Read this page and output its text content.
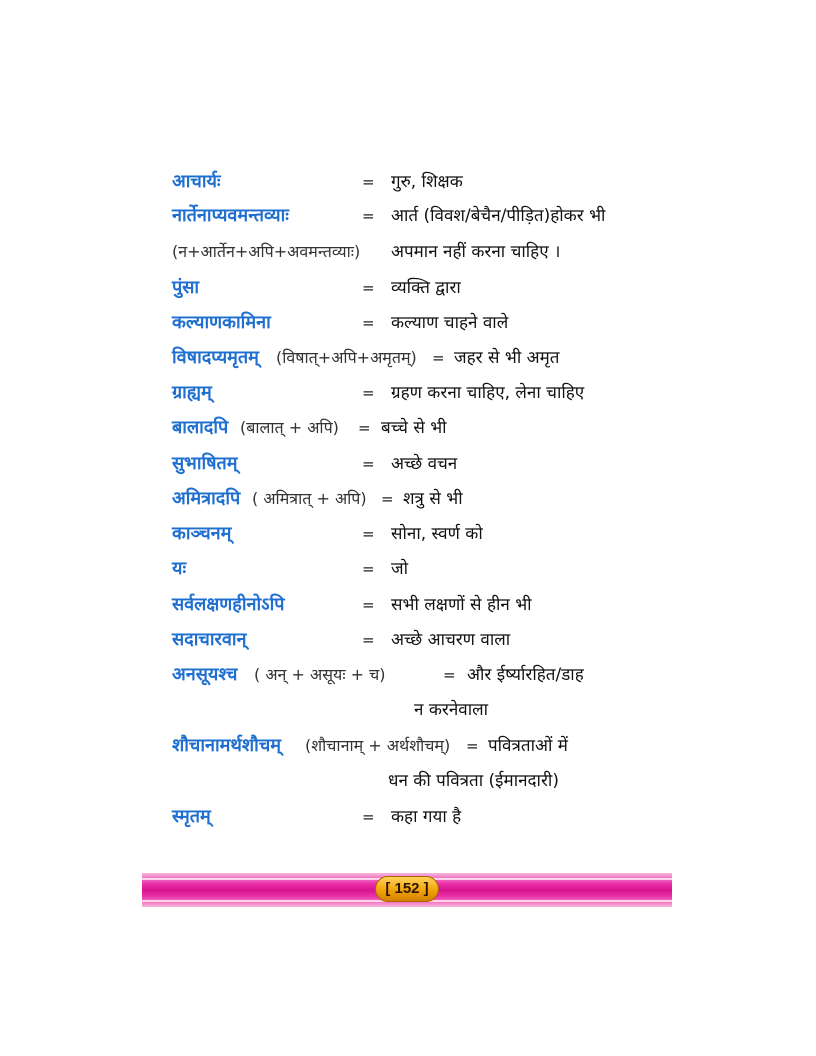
आचार्यः	= गुरु, शिक्षक
नार्तेनाप्यवमन्तव्याः	= आर्त (विवश/बेचैन/पीड़ित)होकर भी
(न+आर्तेन+अपि+अवमन्तव्याः) अपमान नहीं करना चाहिए ।
पुंसा	= व्यक्ति द्वारा
कल्याणकामिना	= कल्याण चाहने वाले
विषादप्यमृतम् (विषात्+अपि+अमृतम्) = जहर से भी अमृत
ग्राह्यम्	= ग्रहण करना चाहिए, लेना चाहिए
बालादपि (बालात् + अपि) = बच्चे से भी
सुभाषितम्	= अच्छे वचन
अमित्रादपि ( अमित्रात् + अपि) = शत्रु से भी
काञ्चनम्	= सोना, स्वर्ण को
यः	= जो
सर्वलक्षणहीनोऽपि	= सभी लक्षणों से हीन भी
सदाचारवान्	= अच्छे आचरण वाला
अनसूयश्च ( अन् + असूयः + च)	= और ईर्ष्यारहित/डाह
न करनेवाला
शौचानामर्थशौचम् (शौचानाम् + अर्थशौचम्) = पवित्रताओं में
धन की पवित्रता (ईमानदारी)
स्मृतम्	= कहा गया है
[ 152 ]
